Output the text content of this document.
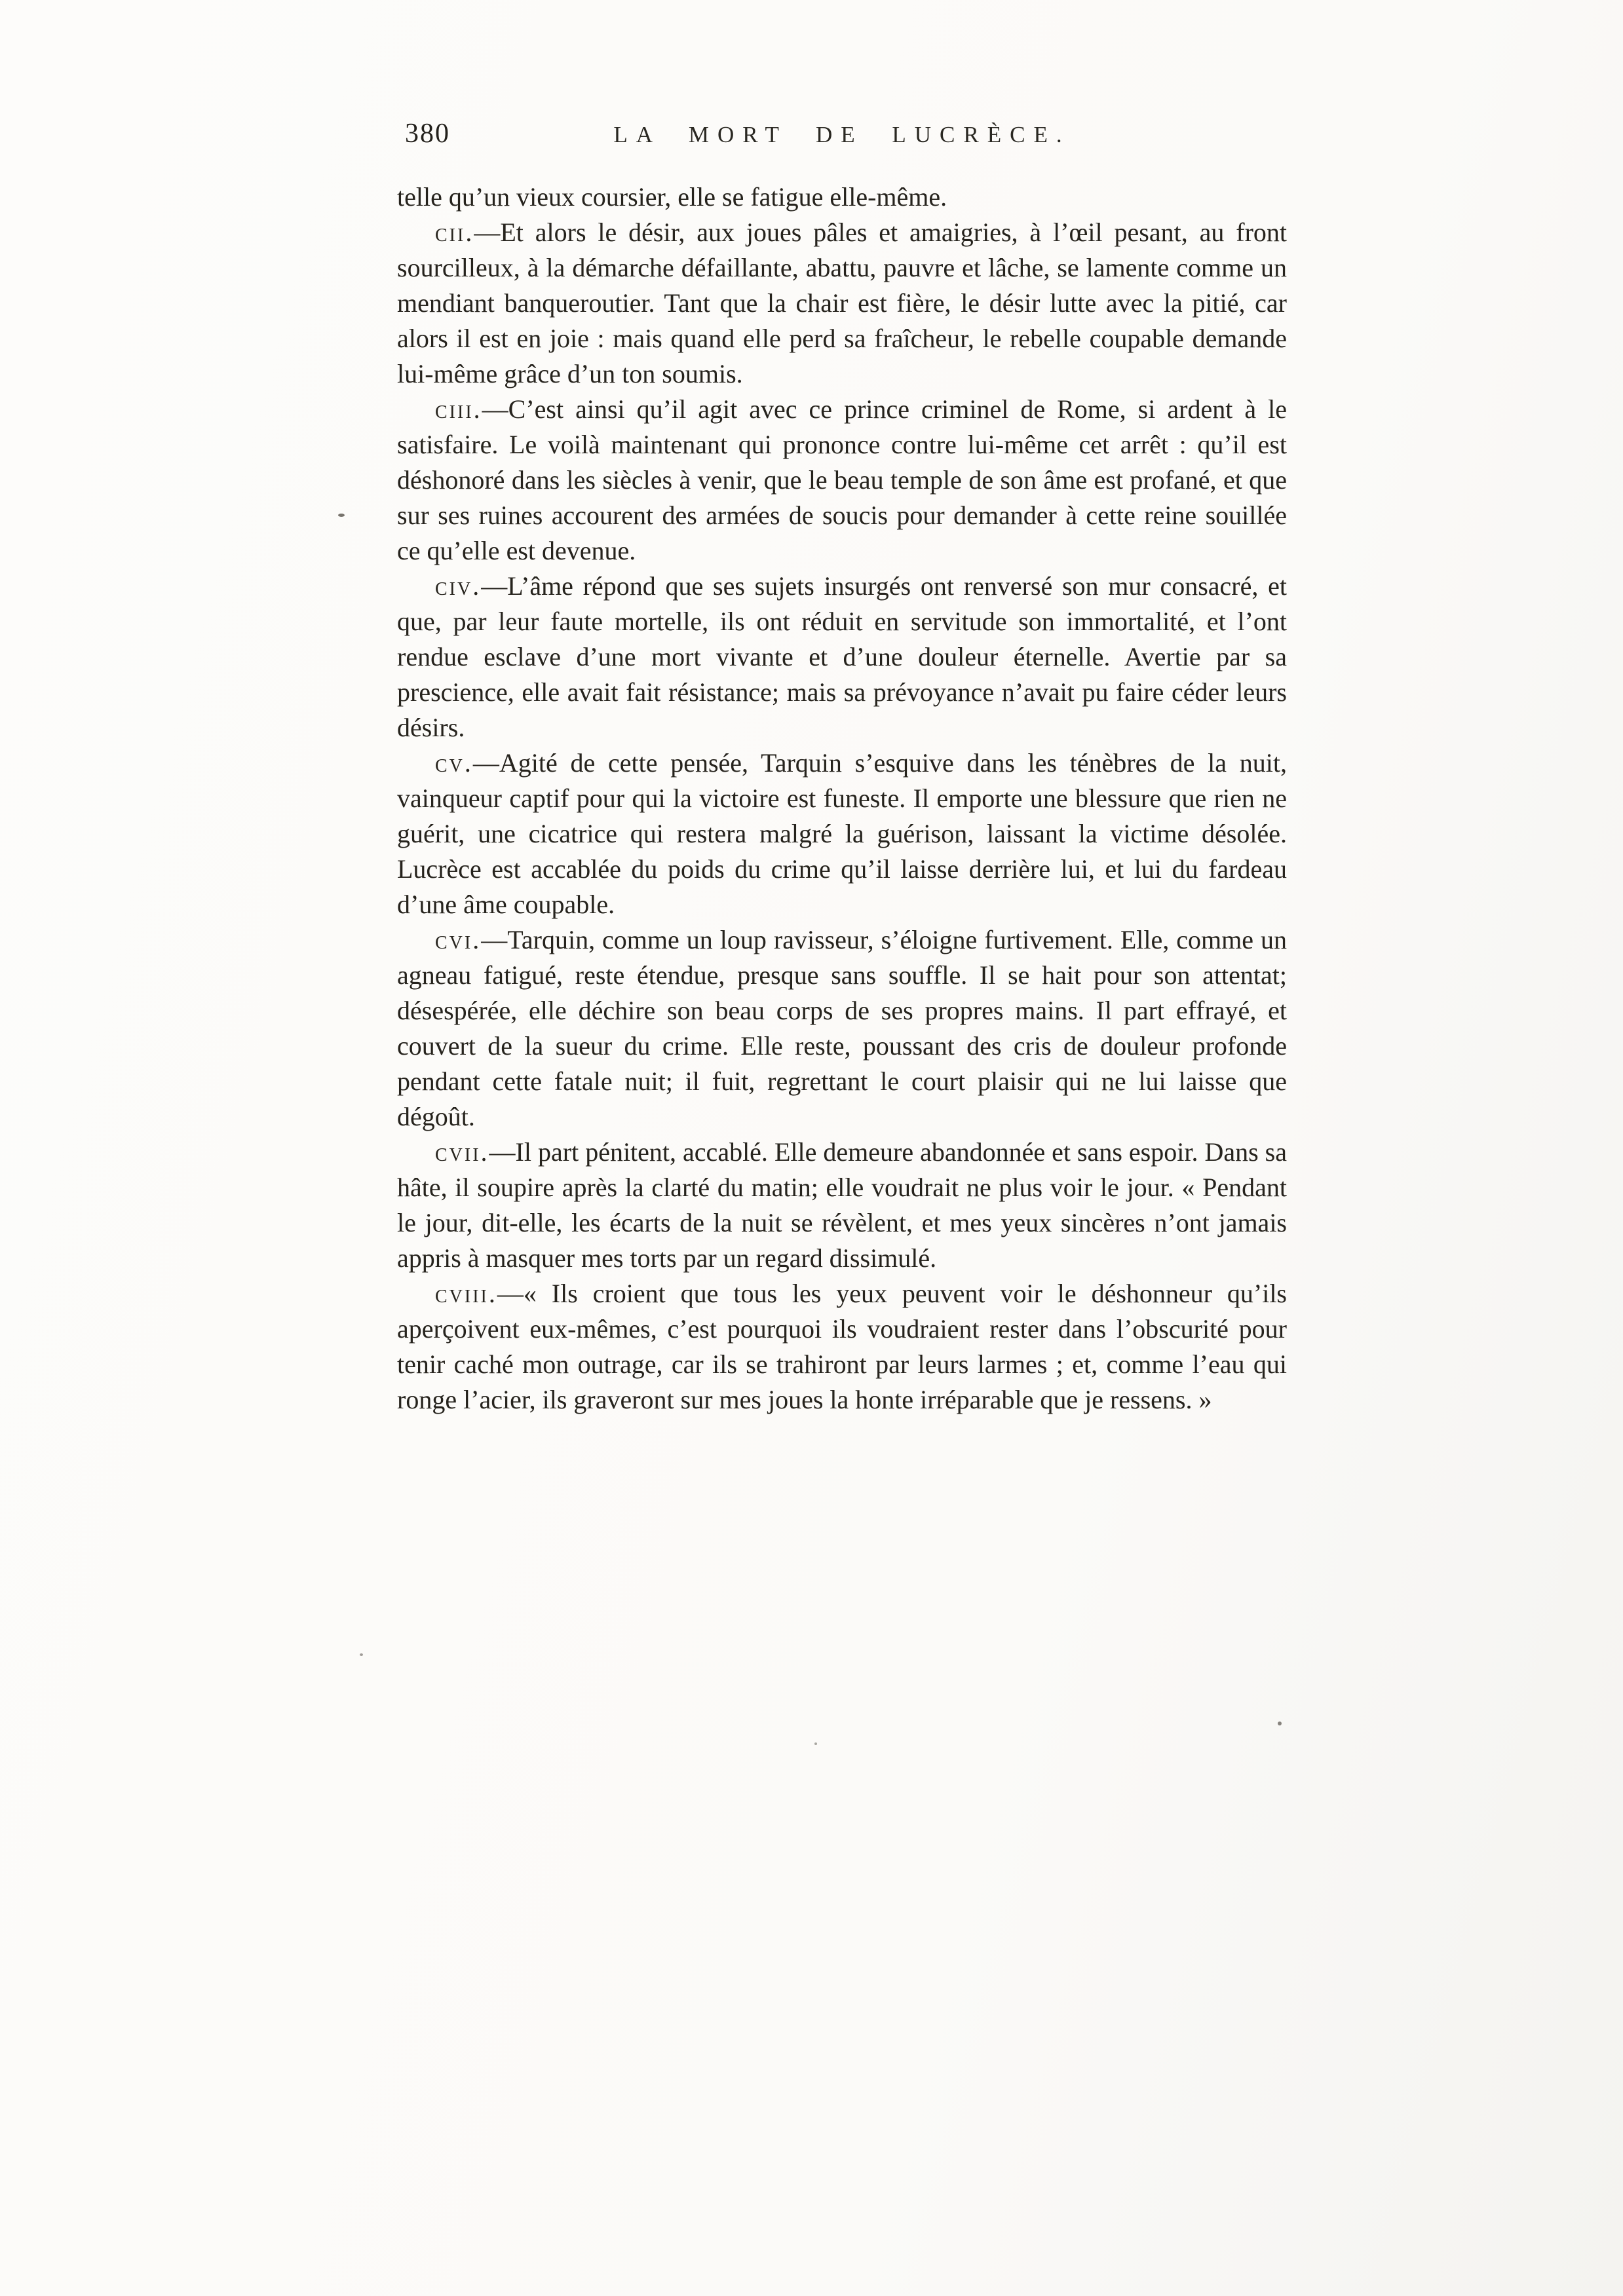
380	LA MORT DE LUCRÈCE.

telle qu’un vieux coursier, elle se fatigue elle-même.

cii.—Et alors le désir, aux joues pâles et amaigries, à l’œil pesant, au front sourcilleux, à la démarche défaillante, abattu, pauvre et lâche, se lamente comme un mendiant banqueroutier. Tant que la chair est fière, le désir lutte avec la pitié, car alors il est en joie : mais quand elle perd sa fraîcheur, le rebelle coupable demande lui-même grâce d’un ton soumis.

ciii.—C’est ainsi qu’il agit avec ce prince criminel de Rome, si ardent à le satisfaire. Le voilà maintenant qui prononce contre lui-même cet arrêt : qu’il est déshonoré dans les siècles à venir, que le beau temple de son âme est profané, et que sur ses ruines accourent des armées de soucis pour demander à cette reine souillée ce qu’elle est devenue.

civ.—L’âme répond que ses sujets insurgés ont renversé son mur consacré, et que, par leur faute mortelle, ils ont réduit en servitude son immortalité, et l’ont rendue esclave d’une mort vivante et d’une douleur éternelle. Avertie par sa prescience, elle avait fait résistance; mais sa prévoyance n’avait pu faire céder leurs désirs.

cv.—Agité de cette pensée, Tarquin s’esquive dans les ténèbres de la nuit, vainqueur captif pour qui la victoire est funeste. Il emporte une blessure que rien ne guérit, une cicatrice qui restera malgré la guérison, laissant la victime désolée. Lucrèce est accablée du poids du crime qu’il laisse derrière lui, et lui du fardeau d’une âme coupable.

cvi.—Tarquin, comme un loup ravisseur, s’éloigne furtivement. Elle, comme un agneau fatigué, reste étendue, presque sans souffle. Il se hait pour son attentat; désespérée, elle déchire son beau corps de ses propres mains. Il part effrayé, et couvert de la sueur du crime. Elle reste, poussant des cris de douleur profonde pendant cette fatale nuit; il fuit, regrettant le court plaisir qui ne lui laisse que dégoût.

cvii.—Il part pénitent, accablé. Elle demeure abandonnée et sans espoir. Dans sa hâte, il soupire après la clarté du matin; elle voudrait ne plus voir le jour. « Pendant le jour, dit-elle, les écarts de la nuit se révèlent, et mes yeux sincères n’ont jamais appris à masquer mes torts par un regard dissimulé.

cviii.—« Ils croient que tous les yeux peuvent voir le déshonneur qu’ils aperçoivent eux-mêmes, c’est pourquoi ils voudraient rester dans l’obscurité pour tenir caché mon outrage, car ils se trahiront par leurs larmes ; et, comme l’eau qui ronge l’acier, ils graveront sur mes joues la honte irréparable que je ressens. »
